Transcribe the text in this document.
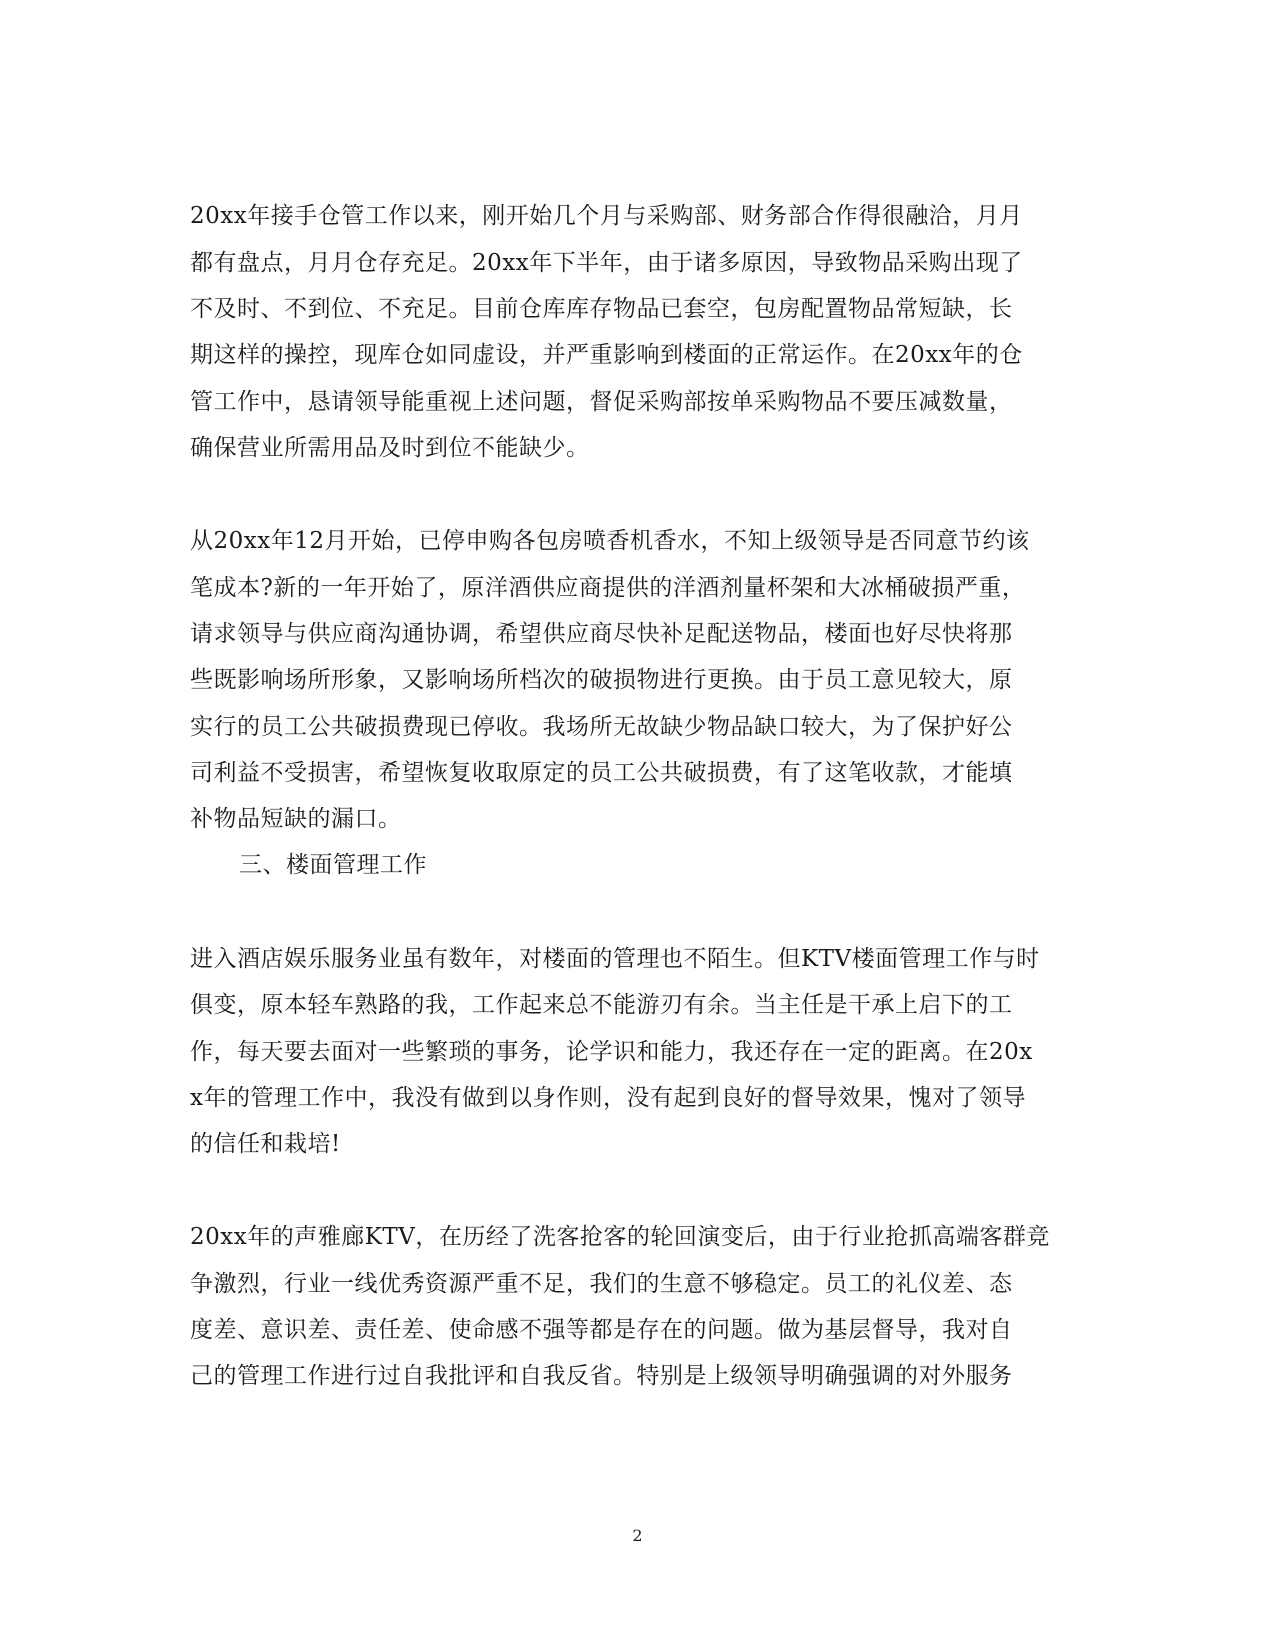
20xx年接手仓管工作以来，刚开始几个月与采购部、财务部合作得很融洽，月月
都有盘点，月月仓存充足。20xx年下半年，由于诸多原因，导致物品采购出现了
不及时、不到位、不充足。目前仓库库存物品已套空，包房配置物品常短缺，长
期这样的操控，现库仓如同虚设，并严重影响到楼面的正常运作。在20xx年的仓
管工作中，恳请领导能重视上述问题，督促采购部按单采购物品不要压减数量，
确保营业所需用品及时到位不能缺少。
从20xx年12月开始，已停申购各包房喷香机香水，不知上级领导是否同意节约该
笔成本?新的一年开始了，原洋酒供应商提供的洋酒剂量杯架和大冰桶破损严重，
请求领导与供应商沟通协调，希望供应商尽快补足配送物品，楼面也好尽快将那
些既影响场所形象，又影响场所档次的破损物进行更换。由于员工意见较大，原
实行的员工公共破损费现已停收。我场所无故缺少物品缺口较大，为了保护好公
司利益不受损害，希望恢复收取原定的员工公共破损费，有了这笔收款，才能填
补物品短缺的漏口。
三、楼面管理工作
进入酒店娱乐服务业虽有数年，对楼面的管理也不陌生。但KTV楼面管理工作与时
俱变，原本轻车熟路的我，工作起来总不能游刃有余。当主任是干承上启下的工
作，每天要去面对一些繁琐的事务，论学识和能力，我还存在一定的距离。在20x
x年的管理工作中，我没有做到以身作则，没有起到良好的督导效果，愧对了领导
的信任和栽培!
20xx年的声雅廊KTV，在历经了洗客抢客的轮回演变后，由于行业抢抓高端客群竞
争激烈，行业一线优秀资源严重不足，我们的生意不够稳定。员工的礼仪差、态
度差、意识差、责任差、使命感不强等都是存在的问题。做为基层督导，我对自
己的管理工作进行过自我批评和自我反省。特别是上级领导明确强调的对外服务
2
